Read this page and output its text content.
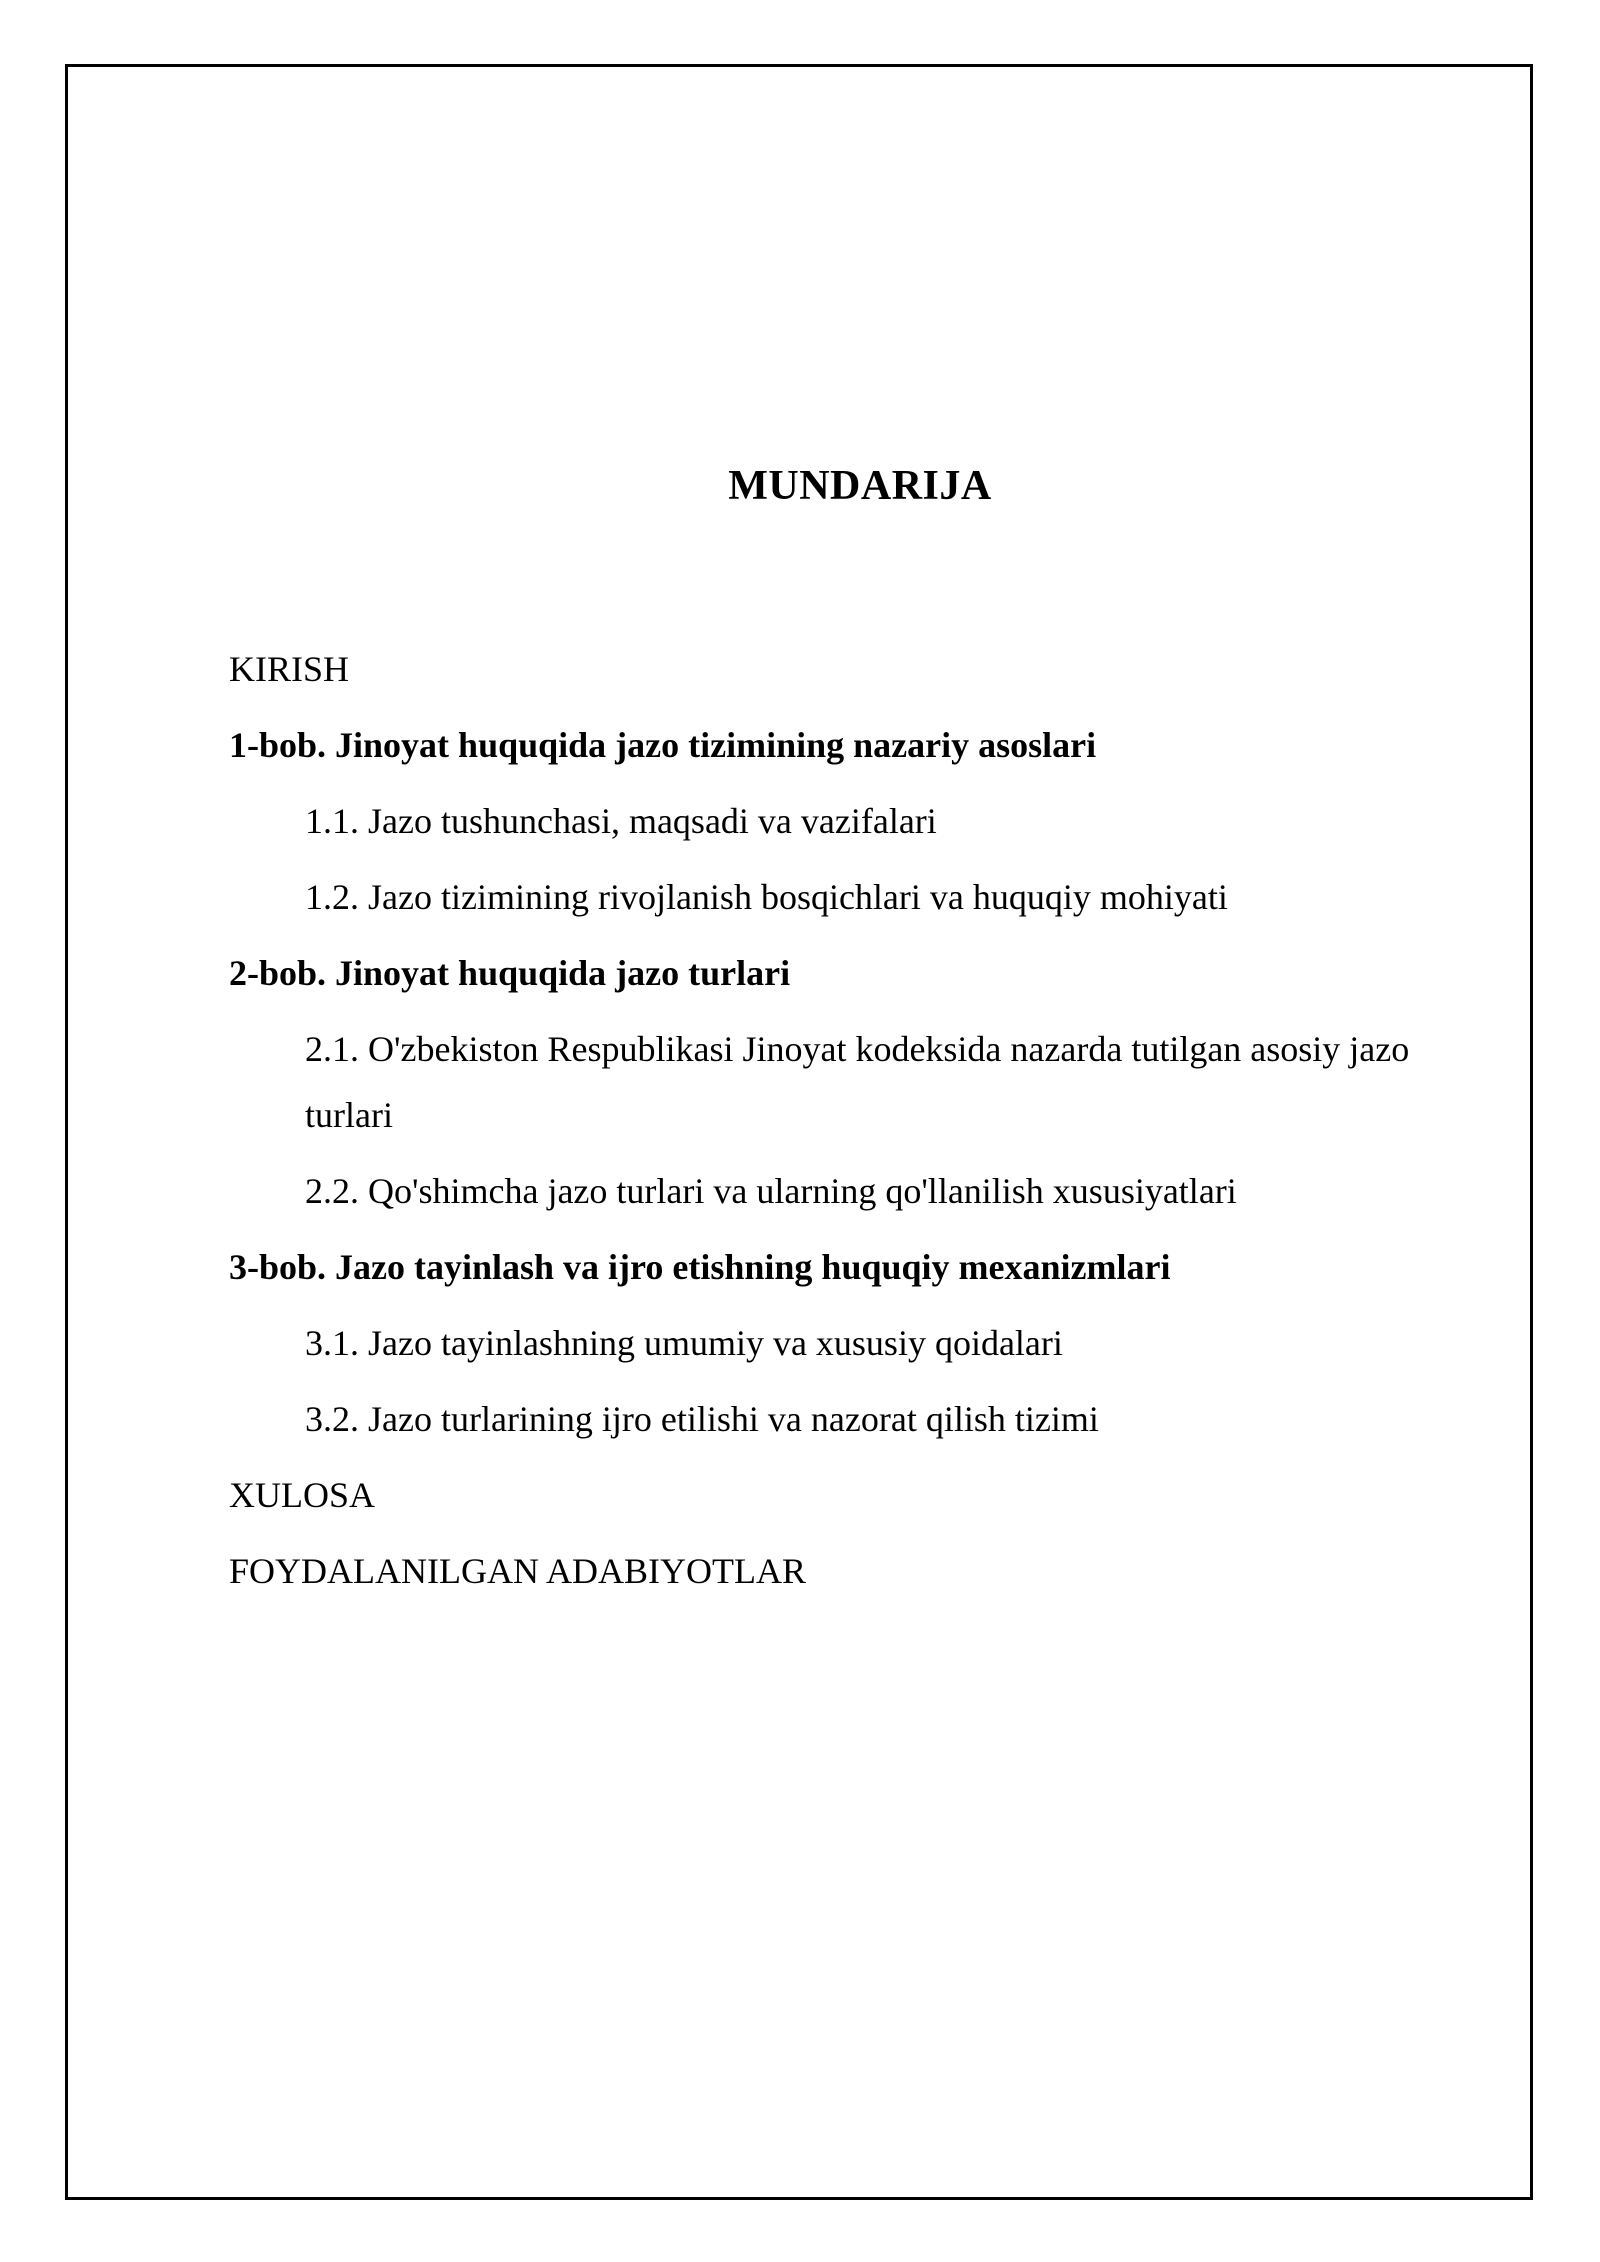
MUNDARIJA
KIRISH
1-bob. Jinoyat huquqida jazo tizimining nazariy asoslari
1.1. Jazo tushunchasi, maqsadi va vazifalari
1.2. Jazo tizimining rivojlanish bosqichlari va huquqiy mohiyati
2-bob. Jinoyat huquqida jazo turlari
2.1. O'zbekiston Respublikasi Jinoyat kodeksida nazarda tutilgan asosiy jazo turlari
2.2. Qo'shimcha jazo turlari va ularning qo'llanilish xususiyatlari
3-bob. Jazo tayinlash va ijro etishning huquqiy mexanizmlari
3.1. Jazo tayinlashning umumiy va xususiy qoidalari
3.2. Jazo turlarining ijro etilishi va nazorat qilish tizimi
XULOSA
FOYDALANILGAN ADABIYOTLAR
